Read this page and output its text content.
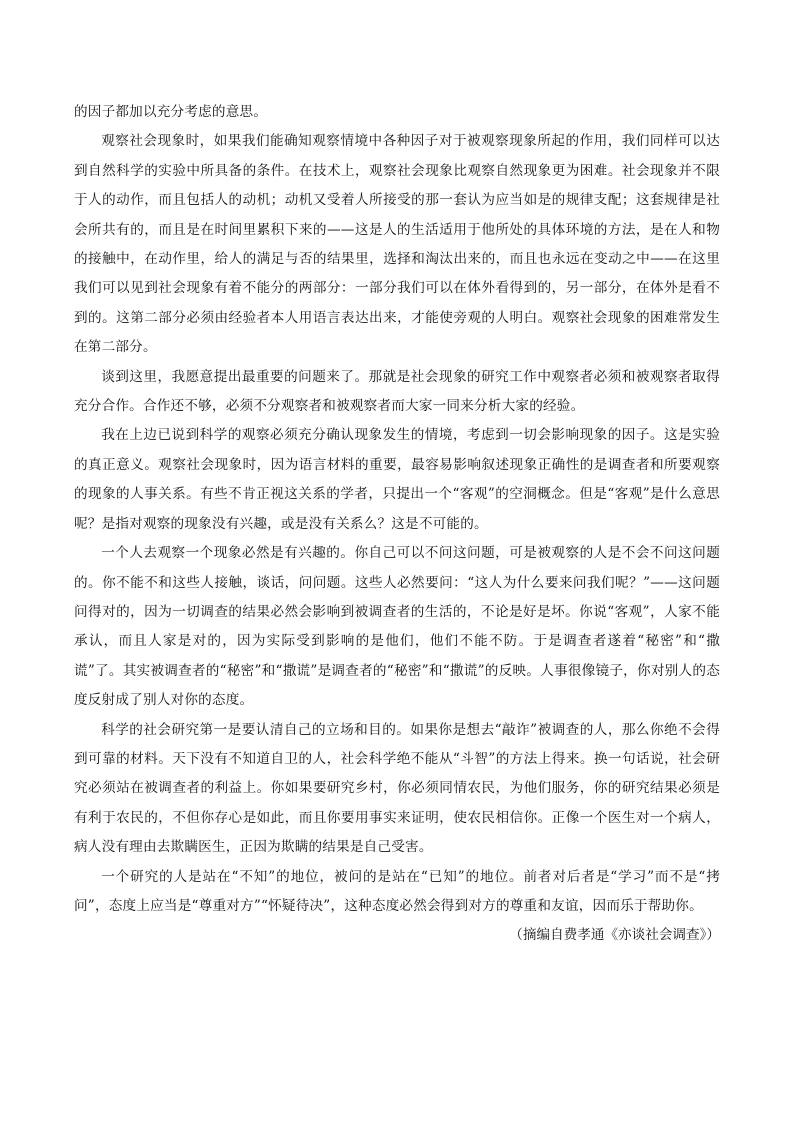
的因子都加以充分考虑的意思。

观察社会现象时，如果我们能确知观察情境中各种因子对于被观察现象所起的作用，我们同样可以达到自然科学的实验中所具备的条件。在技术上，观察社会现象比观察自然现象更为困难。社会现象并不限于人的动作，而且包括人的动机；动机又受着人所接受的那一套认为应当如是的规律支配；这套规律是社会所共有的，而且是在时间里累积下来的——这是人的生活适用于他所处的具体环境的方法，是在人和物的接触中，在动作里，给人的满足与否的结果里，选择和淘汰出来的，而且也永远在变动之中——在这里我们可以见到社会现象有着不能分的两部分：一部分我们可以在体外看得到的，另一部分，在体外是看不到的。这第二部分必须由经验者本人用语言表达出来，才能使旁观的人明白。观察社会现象的困难常发生在第二部分。

谈到这里，我愿意提出最重要的问题来了。那就是社会现象的研究工作中观察者必须和被观察者取得充分合作。合作还不够，必须不分观察者和被观察者而大家一同来分析大家的经验。

我在上边已说到科学的观察必须充分确认现象发生的情境，考虑到一切会影响现象的因子。这是实验的真正意义。观察社会现象时，因为语言材料的重要，最容易影响叙述现象正确性的是调查者和所要观察的现象的人事关系。有些不肯正视这关系的学者，只提出一个“客观”的空洞概念。但是“客观”是什么意思呢？是指对观察的现象没有兴趣，或是没有关系么？这是不可能的。

一个人去观察一个现象必然是有兴趣的。你自己可以不问这问题，可是被观察的人是不会不问这问题的。你不能不和这些人接触，谈话，问问题。这些人必然要问：“这人为什么要来问我们呢？”——这问题问得对的，因为一切调查的结果必然会影响到被调查者的生活的，不论是好是坏。你说“客观”，人家不能承认，而且人家是对的，因为实际受到影响的是他们，他们不能不防。于是调查者遂着“秘密”和“撒谎”了。其实被调查者的“秘密”和“撒谎”是调查者的“秘密”和“撒谎”的反映。人事很像镜子，你对别人的态度反射成了别人对你的态度。

科学的社会研究第一是要认清自己的立场和目的。如果你是想去“敲诈”被调查的人，那么你绝不会得到可靠的材料。天下没有不知道自卫的人，社会科学绝不能从“斗智”的方法上得来。换一句话说，社会研究必须站在被调查者的利益上。你如果要研究乡村，你必须同情农民，为他们服务，你的研究结果必须是有利于农民的，不但你存心是如此，而且你要用事实来证明，使农民相信你。正像一个医生对一个病人，病人没有理由去欺瞒医生，正因为欺瞒的结果是自己受害。

一个研究的人是站在“不知”的地位，被问的是站在“已知”的地位。前者对后者是“学习”而不是“拷问”，态度上应当是“尊重对方”“怀疑待决”，这种态度必然会得到对方的尊重和友谊，因而乐于帮助你。

（摘编自费孝通《亦谈社会调查》）
